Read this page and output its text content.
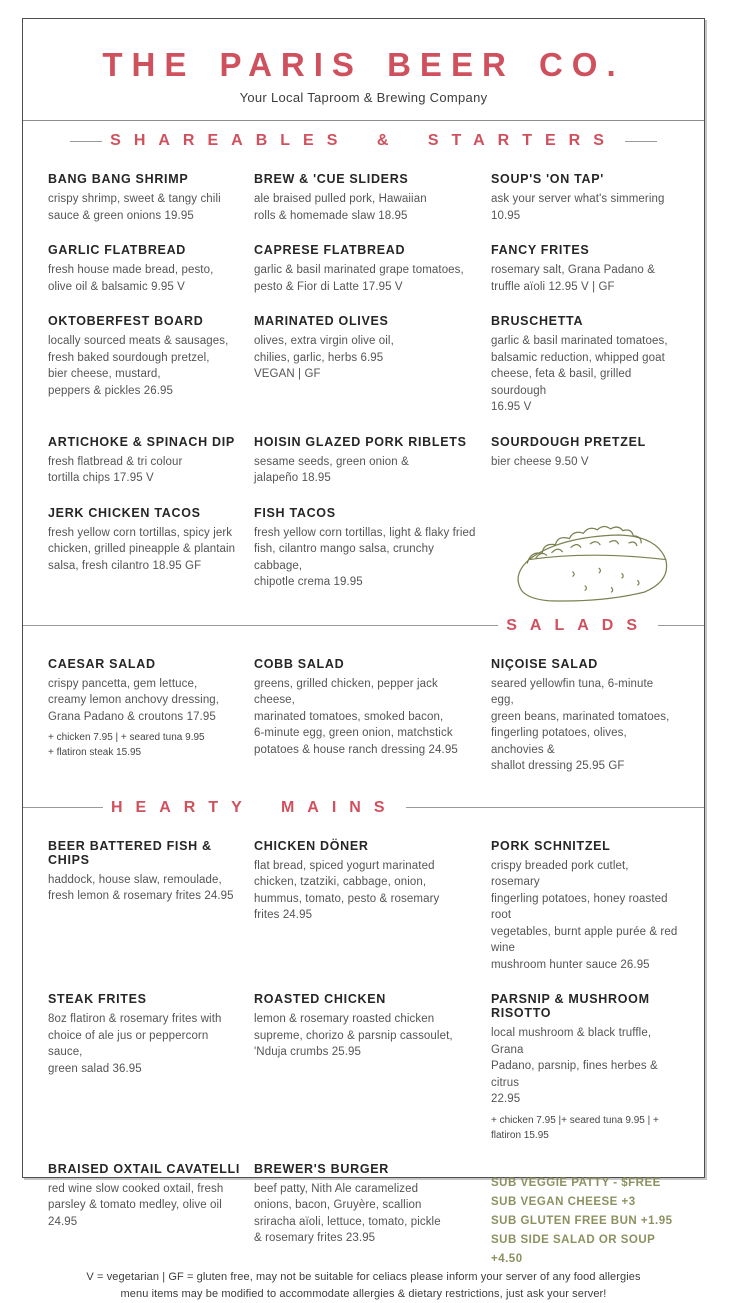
THE PARIS BEER CO.
Your Local Taproom & Brewing Company
SHAREABLES & STARTERS
BANG BANG SHRIMP
crispy shrimp, sweet & tangy chili
sauce & green onions 19.95
BREW & 'CUE SLIDERS
ale braised pulled pork, Hawaiian
rolls & homemade slaw 18.95
SOUP'S 'ON TAP'
ask your server what's simmering
10.95
GARLIC FLATBREAD
fresh house made bread, pesto,
olive oil & balsamic 9.95 V
CAPRESE FLATBREAD
garlic & basil marinated grape tomatoes,
pesto & Fior di Latte 17.95 V
FANCY FRITES
rosemary salt, Grana Padano &
truffle aïoli 12.95 V | GF
OKTOBERFEST BOARD
locally sourced meats & sausages,
fresh baked sourdough pretzel,
bier cheese, mustard,
peppers & pickles 26.95
MARINATED OLIVES
olives, extra virgin olive oil,
chilies, garlic, herbs 6.95
VEGAN | GF
BRUSCHETTA
garlic & basil marinated tomatoes,
balsamic reduction, whipped goat
cheese, feta & basil, grilled sourdough
16.95 V
ARTICHOKE & SPINACH DIP
fresh flatbread & tri colour
tortilla chips 17.95 V
HOISIN GLAZED PORK RIBLETS
sesame seeds, green onion &
jalapeño 18.95
SOURDOUGH PRETZEL
bier cheese 9.50 V
JERK CHICKEN TACOS
fresh yellow corn tortillas, spicy jerk
chicken, grilled pineapple & plantain
salsa, fresh cilantro 18.95 GF
FISH TACOS
fresh yellow corn tortillas, light & flaky fried
fish, cilantro mango salsa, crunchy cabbage,
chipotle crema 19.95
SALADS
CAESAR SALAD
crispy pancetta, gem lettuce,
creamy lemon anchovy dressing,
Grana Padano & croutons 17.95
+ chicken 7.95 | + seared tuna 9.95
+ flatiron steak 15.95
COBB SALAD
greens, grilled chicken, pepper jack cheese,
marinated tomatoes, smoked bacon,
6-minute egg, green onion, matchstick
potatoes & house ranch dressing 24.95
NIÇOISE SALAD
seared yellowfin tuna, 6-minute egg,
green beans, marinated tomatoes,
fingerling potatoes, olives, anchovies &
shallot dressing 25.95 GF
HEARTY MAINS
BEER BATTERED FISH & CHIPS
haddock, house slaw, remoulade,
fresh lemon & rosemary frites 24.95
CHICKEN DÖNER
flat bread, spiced yogurt marinated
chicken, tzatziki, cabbage, onion,
hummus, tomato, pesto & rosemary
frites 24.95
PORK SCHNITZEL
crispy breaded pork cutlet, rosemary
fingerling potatoes, honey roasted root
vegetables, burnt apple purée & red wine
mushroom hunter sauce 26.95
STEAK FRITES
8oz flatiron & rosemary frites with
choice of ale jus or peppercorn sauce,
green salad 36.95
ROASTED CHICKEN
lemon & rosemary roasted chicken
supreme, chorizo & parsnip cassoulet,
'Nduja crumbs 25.95
PARSNIP & MUSHROOM RISOTTO
local mushroom & black truffle, Grana
Padano, parsnip, fines herbes & citrus
22.95
+ chicken 7.95 |+ seared tuna 9.95 | + flatiron 15.95
BRAISED OXTAIL CAVATELLI
red wine slow cooked oxtail, fresh
parsley & tomato medley, olive oil
24.95
BREWER'S BURGER
beef patty, Nith Ale caramelized
onions, bacon, Gruyère, scallion
sriracha aïoli, lettuce, tomato, pickle
& rosemary frites 23.95
SUB VEGGIE PATTY - $FREE
SUB VEGAN CHEESE +3
SUB GLUTEN FREE BUN +1.95
SUB SIDE SALAD OR SOUP +4.50
V = vegetarian | GF = gluten free, may not be suitable for celiacs please inform your server of any food allergies
menu items may be modified to accommodate allergies & dietary restrictions, just ask your server!
